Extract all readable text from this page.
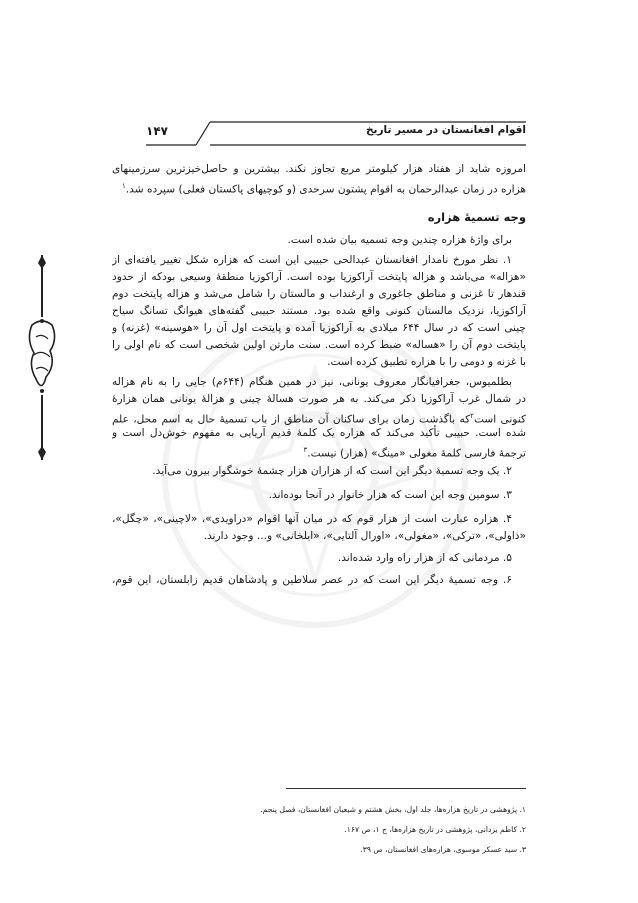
اقوام افغانستان در مسیر تاریخ
۱۴۷
امروزه شاید از هفتاد هزار کیلومتر مربع تجاوز نکند. بیشترین و حاصل‌خیزترین سرزمینهای
هزاره در زمان عبدالرحمان به اقوام پشتون سرحدی (و کوچیهای پاکستان فعلی) سپرده شد.$^۱$
وجه تسمیهٔ هزاره
برای واژهٔ هزاره چندین وجه تسمیه بیان شده است.
۱. نظر مورخ نامدار افغانستان عبدالحی حبیبی این است که هزاره شکل تغییر یافته‌ای از
«هزاله» می‌باشد و هزاله پایتخت آراکوزیا بوده است. آراکوزیا منطقهٔ وسیعی بودکه از حدود
قندهار تا غزنی و مناطق جاغوری و ارغنداب و مالستان را شامل می‌شد و هزاله پایتخت دوم
آراکوزیا، نزدیک مالستان کنونی واقع شده بود. مستند حبیبی گفته‌های هیوانگ تسانگ سیاح
چینی است که در سال ۶۴۴ میلادی به آراکوزیا آمده و پایتخت اول آن را «هوسینه» (غزنه) و
پایتخت دوم آن را «هساله» ضبط کرده است. سنت مارتن اولین شخصی است که نام اولی را
با غزنه و دومی را با هزاره تطبیق کرده است.
بطلمیوس، جغرافیانگار معروف یونانی، نیز در همین هنگام (۶۴۴م) جایی را به نام هزاله
در شمال غرب آراکوزیا ذکر می‌کند. به هر صورت هسالهٔ چینی و هزالهٔ یونانی همان هزارهٔ
کنونی است$^۲$که باگذشت زمان برای ساکنان آن مناطق از باب تسمیهٔ حال به اسم محل، علم
شده است. حبیبی تأکید می‌کند که هزاره یک کلمهٔ قدیم آریایی به مفهوم خوش‌دل است و
ترجمهٔ فارسی کلمهٔ مغولی «مینگ» (هزار) نیست.$^۳$
۲. یک وجه تسمیهٔ دیگر این است که از هزاران هزار چشمهٔ خوشگوار بیرون می‌آید.
۳. سومین وجه این است که هزار خانوار در آنجا بوده‌اند.
۴. هزاره عبارت است از هزار قوم که در میان آنها اقوام «دراویدی»، «لاچینی»، «چگل»،
«ذاولی»، «ترکی»، «مغولی»، «اورال آلتایی»، «ایلخانی» و... وجود دارند.
۵. مردمانی که از هزار راه وارد شده‌اند.
۶. وجه تسمیهٔ دیگر این است که در عصر سلاطین و پادشاهان قدیم زابلستان، این قوم،
۱. پژوهشی در تاریخ هزاره‌ها، جلد اول، بخش هشتم و شیعیان افغانستان، فصل پنجم.
۲. کاظم یزدانی، پژوهشی در تاریخ هزاره‌ها، ج ۱، ص ۱۶۷.
۳. سید عسکر موسوی، هزاره‌های افغانستان، ص ۳۹.
